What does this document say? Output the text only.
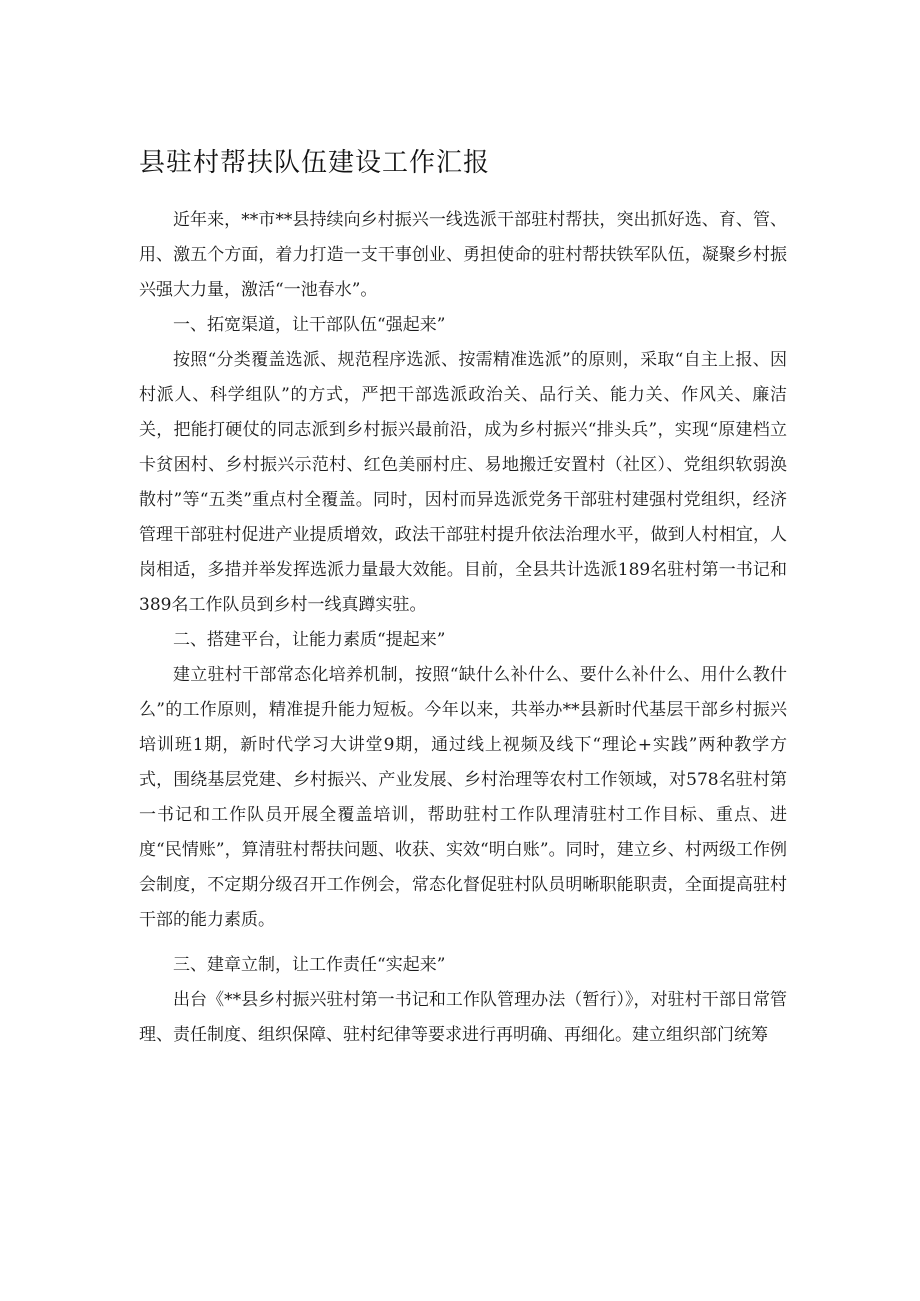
县驻村帮扶队伍建设工作汇报

近年来，**市**县持续向乡村振兴一线选派干部驻村帮扶，突出抓好选、育、管、用、激五个方面，着力打造一支干事创业、勇担使命的驻村帮扶铁军队伍，凝聚乡村振兴强大力量，激活“一池春水”。

一、拓宽渠道，让干部队伍“强起来”

按照“分类覆盖选派、规范程序选派、按需精准选派”的原则，采取“自主上报、因村派人、科学组队”的方式，严把干部选派政治关、品行关、能力关、作风关、廉洁关，把能打硬仗的同志派到乡村振兴最前沿，成为乡村振兴“排头兵”，实现“原建档立卡贫困村、乡村振兴示范村、红色美丽村庄、易地搬迁安置村（社区）、党组织软弱涣散村”等“五类”重点村全覆盖。同时，因村而异选派党务干部驻村建强村党组织，经济管理干部驻村促进产业提质增效，政法干部驻村提升依法治理水平，做到人村相宜，人岗相适，多措并举发挥选派力量最大效能。目前，全县共计选派189名驻村第一书记和389名工作队员到乡村一线真蹲实驻。

二、搭建平台，让能力素质“提起来”

建立驻村干部常态化培养机制，按照“缺什么补什么、要什么补什么、用什么教什么”的工作原则，精准提升能力短板。今年以来，共举办**县新时代基层干部乡村振兴培训班1期，新时代学习大讲堂9期，通过线上视频及线下“理论+实践”两种教学方式，围绕基层党建、乡村振兴、产业发展、乡村治理等农村工作领域，对578名驻村第一书记和工作队员开展全覆盖培训，帮助驻村工作队理清驻村工作目标、重点、进度“民情账”，算清驻村帮扶问题、收获、实效“明白账”。同时，建立乡、村两级工作例会制度，不定期分级召开工作例会，常态化督促驻村队员明晰职能职责，全面提高驻村干部的能力素质。

三、建章立制，让工作责任“实起来”

出台《**县乡村振兴驻村第一书记和工作队管理办法（暂行）》，对驻村干部日常管理、责任制度、组织保障、驻村纪律等要求进行再明确、再细化。建立组织部门统筹
